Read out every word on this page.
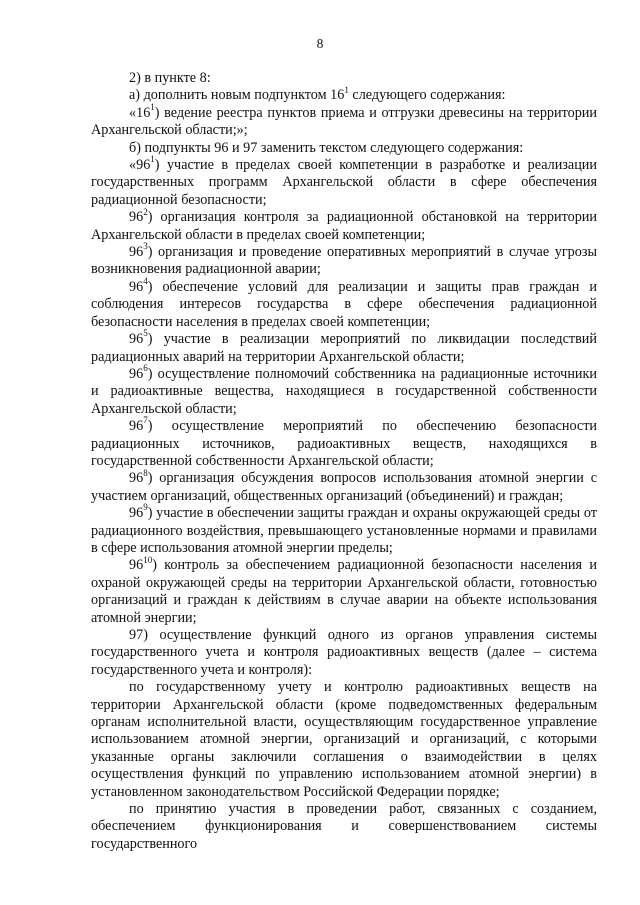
8

2) в пункте 8:

а) дополнить новым подпунктом $16^1$ следующего содержания:

«$16^1$) ведение реестра пунктов приема и отгрузки древесины на территории Архангельской области;»;

б) подпункты 96 и 97 заменить текстом следующего содержания:

«$96^1$) участие в пределах своей компетенции в разработке и реализации государственных программ Архангельской области в сфере обеспечения радиационной безопасности;

$96^2$) организация контроля за радиационной обстановкой на территории Архангельской области в пределах своей компетенции;

$96^3$) организация и проведение оперативных мероприятий в случае угрозы возникновения радиационной аварии;

$96^4$) обеспечение условий для реализации и защиты прав граждан и соблюдения интересов государства в сфере обеспечения радиационной безопасности населения в пределах своей компетенции;

$96^5$) участие в реализации мероприятий по ликвидации последствий радиационных аварий на территории Архангельской области;

$96^6$) осуществление полномочий собственника на радиационные источники и радиоактивные вещества, находящиеся в государственной собственности Архангельской области;

$96^7$) осуществление мероприятий по обеспечению безопасности радиационных источников, радиоактивных веществ, находящихся в государственной собственности Архангельской области;

$96^8$) организация обсуждения вопросов использования атомной энергии с участием организаций, общественных организаций (объединений) и граждан;

$96^9$) участие в обеспечении защиты граждан и охраны окружающей среды от радиационного воздействия, превышающего установленные нормами и правилами в сфере использования атомной энергии пределы;

$96^{10}$) контроль за обеспечением радиационной безопасности населения и охраной окружающей среды на территории Архангельской области, готовностью организаций и граждан к действиям в случае аварии на объекте использования атомной энергии;

97) осуществление функций одного из органов управления системы государственного учета и контроля радиоактивных веществ (далее – система государственного учета и контроля):

по государственному учету и контролю радиоактивных веществ на территории Архангельской области (кроме подведомственных федеральным органам исполнительной власти, осуществляющим государственное управление использованием атомной энергии, организаций и организаций, с которыми указанные органы заключили соглашения о взаимодействии в целях осуществления функций по управлению использованием атомной энергии) в установленном законодательством Российской Федерации порядке;

по принятию участия в проведении работ, связанных с созданием, обеспечением функционирования и совершенствованием системы государственного
